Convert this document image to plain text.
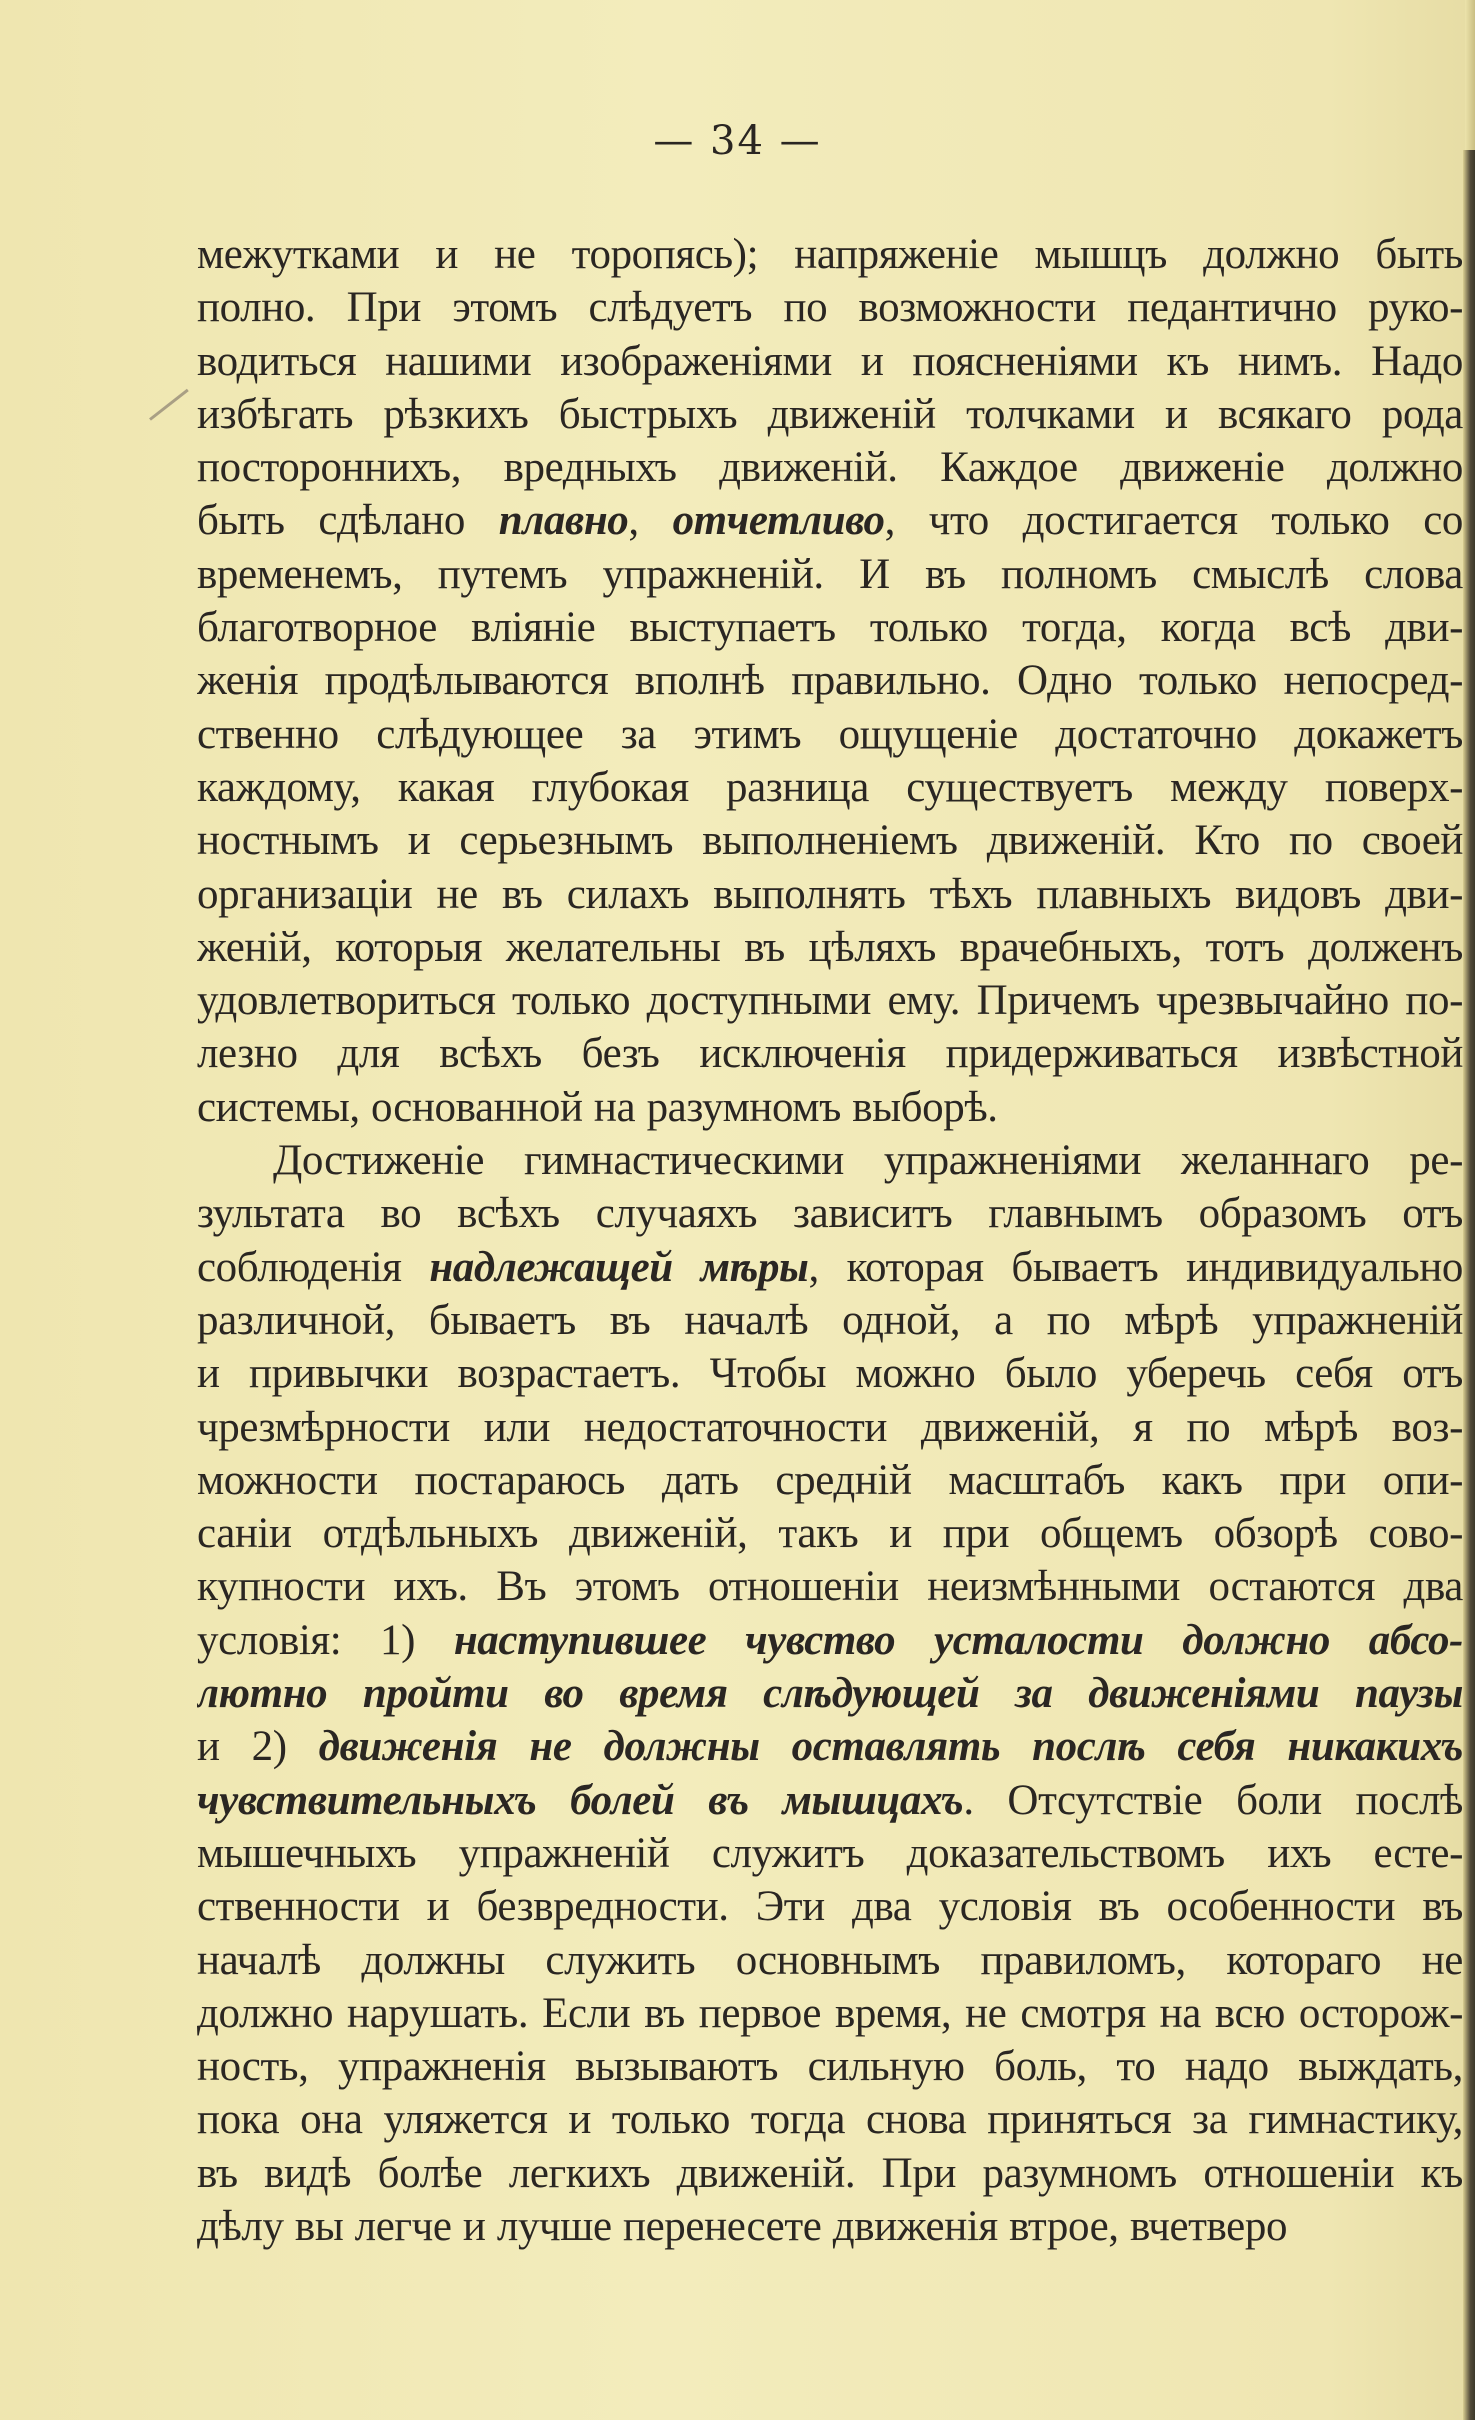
— 34 —
межутками и не торопясь); напряженіе мышцъ должно быть
полно. При этомъ слѣдуетъ по возможности педантично руко-
водиться нашими изображеніями и поясненіями къ нимъ. Надо
избѣгать рѣзкихъ быстрыхъ движеній толчками и всякаго рода
постороннихъ, вредныхъ движеній. Каждое движеніе должно
быть сдѣлано плавно, отчетливо, что достигается только со
временемъ, путемъ упражненій. И въ полномъ смыслѣ слова
благотворное вліяніе выступаетъ только тогда, когда всѣ дви-
женія продѣлываются вполнѣ правильно. Одно только непосред-
ственно слѣдующее за этимъ ощущеніе достаточно докажетъ
каждому, какая глубокая разница существуетъ между поверх-
ностнымъ и серьезнымъ выполненіемъ движеній. Кто по своей
организаціи не въ силахъ выполнять тѣхъ плавныхъ видовъ дви-
женій, которыя желательны въ цѣляхъ врачебныхъ, тотъ долженъ
удовлетвориться только доступными ему. Причемъ чрезвычайно по-
лезно для всѣхъ безъ исключенія придерживаться извѣстной
системы, основанной на разумномъ выборѣ.
Достиженіе гимнастическими упражненіями желаннаго ре-
зультата во всѣхъ случаяхъ зависитъ главнымъ образомъ отъ
соблюденія надлежащей мѣры, которая бываетъ индивидуально
различной, бываетъ въ началѣ одной, а по мѣрѣ упражненій
и привычки возрастаетъ. Чтобы можно было уберечь себя отъ
чрезмѣрности или недостаточности движеній, я по мѣрѣ воз-
можности постараюсь дать средній масштабъ какъ при опи-
саніи отдѣльныхъ движеній, такъ и при общемъ обзорѣ сово-
купности ихъ. Въ этомъ отношеніи неизмѣнными остаются два
условія: 1) наступившее чувство усталости должно абсо-
лютно пройти во время слѣдующей за движеніями паузы
и 2) движенія не должны оставлять послѣ себя никакихъ
чувствительныхъ болей въ мышцахъ. Отсутствіе боли послѣ
мышечныхъ упражненій служитъ доказательствомъ ихъ есте-
ственности и безвредности. Эти два условія въ особенности въ
началѣ должны служить основнымъ правиломъ, котораго не
должно нарушать. Если въ первое время, не смотря на всю осторож-
ность, упражненія вызываютъ сильную боль, то надо выждать,
пока она уляжется и только тогда снова приняться за гимнастику,
въ видѣ болѣе легкихъ движеній. При разумномъ отношеніи къ
дѣлу вы легче и лучше перенесете движенія втрое, вчетверо
